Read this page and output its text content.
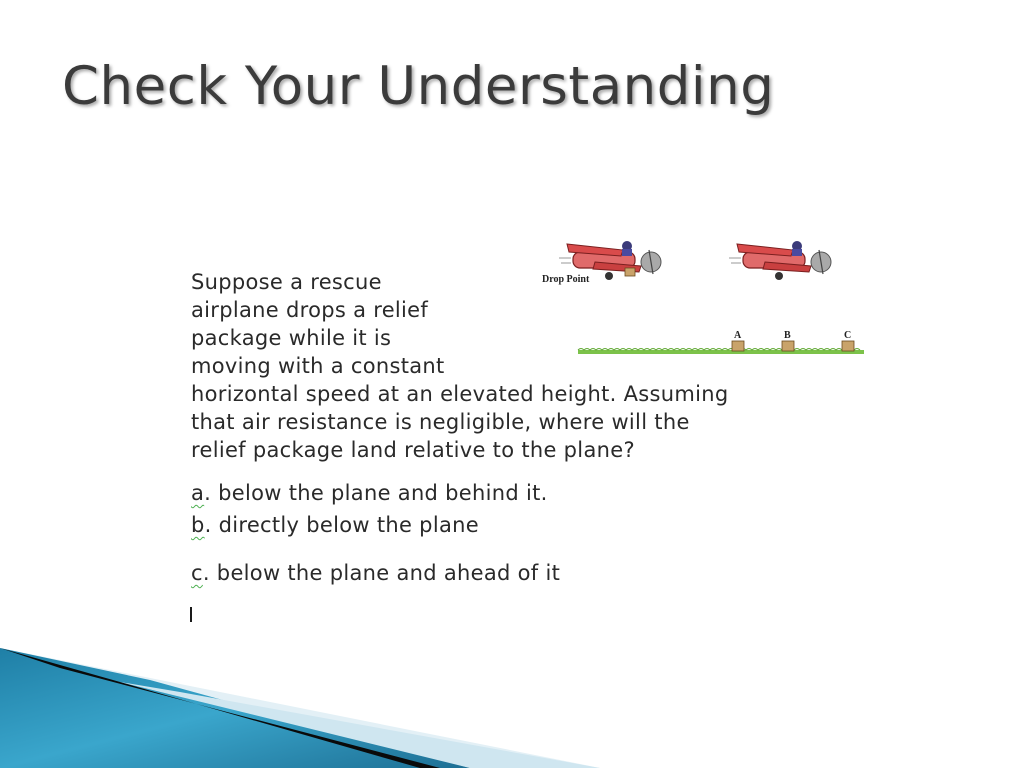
Check Your Understanding
Drop Point
A	B	C
Suppose a rescue
airplane drops a relief
package while it is
moving with a constant
horizontal speed at an elevated height. Assuming
that air resistance is negligible, where will the
relief package land relative to the plane?
a. below the plane and behind it.
b. directly below the plane
c. below the plane and ahead of it
